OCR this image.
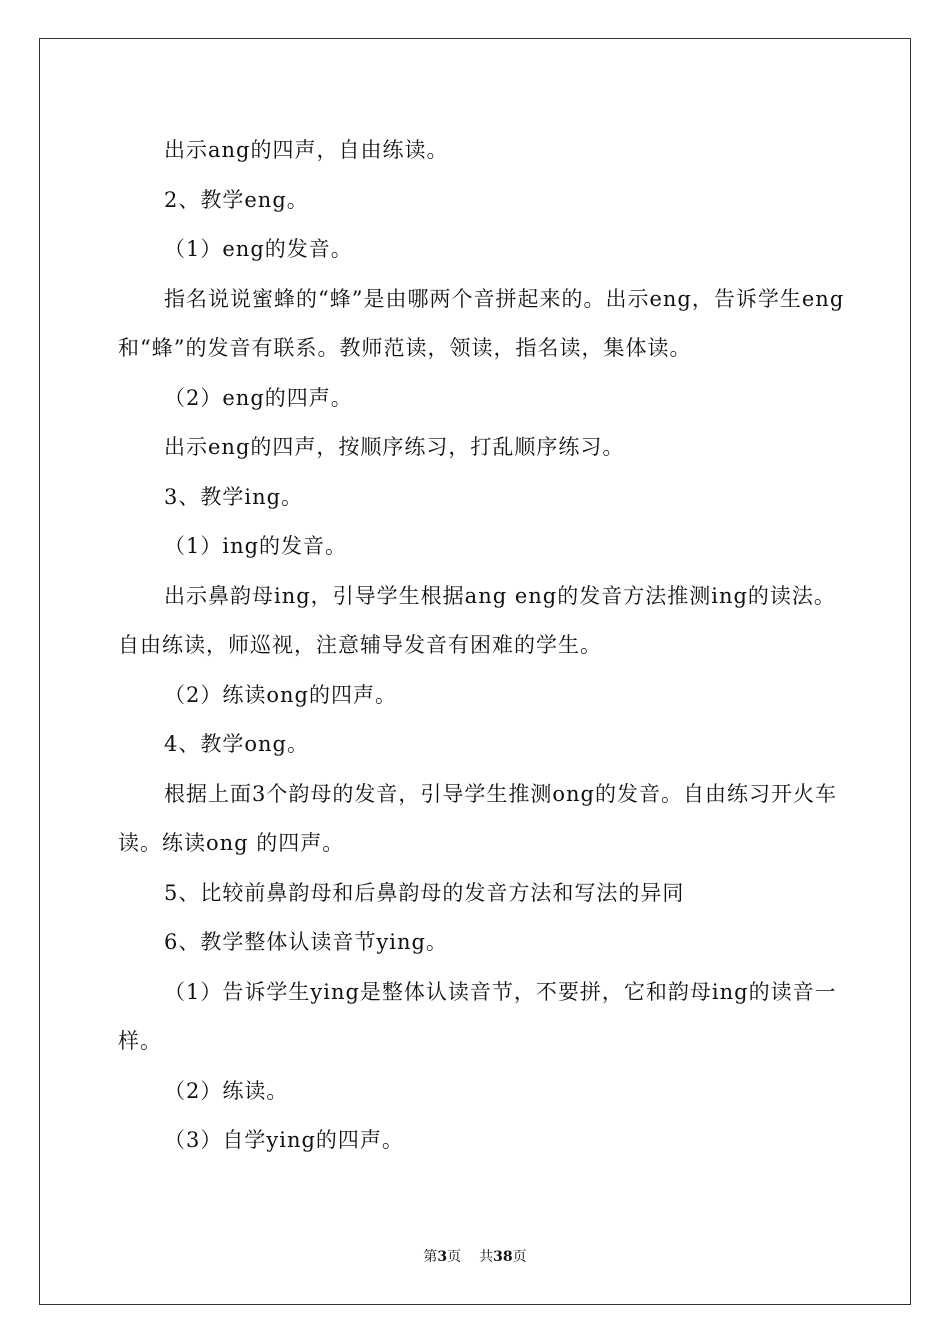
出示ang的四声，自由练读。

2、教学eng。

（1）eng的发音。

指名说说蜜蜂的“蜂”是由哪两个音拼起来的。出示eng，告诉学生eng和“蜂”的发音有联系。教师范读，领读，指名读，集体读。

（2）eng的四声。

出示eng的四声，按顺序练习，打乱顺序练习。

3、教学ing。

（1）ing的发音。

出示鼻韵母ing，引导学生根据ang eng的发音方法推测ing的读法。自由练读，师巡视，注意辅导发音有困难的学生。

（2）练读ong的四声。

4、教学ong。

根据上面3个韵母的发音，引导学生推测ong的发音。自由练习开火车读。练读ong 的四声。

5、比较前鼻韵母和后鼻韵母的发音方法和写法的异同

6、教学整体认读音节ying。

（1）告诉学生ying是整体认读音节，不要拼，它和韵母ing的读音一样。

（2）练读。

（3）自学ying的四声。

第3页 共38页
